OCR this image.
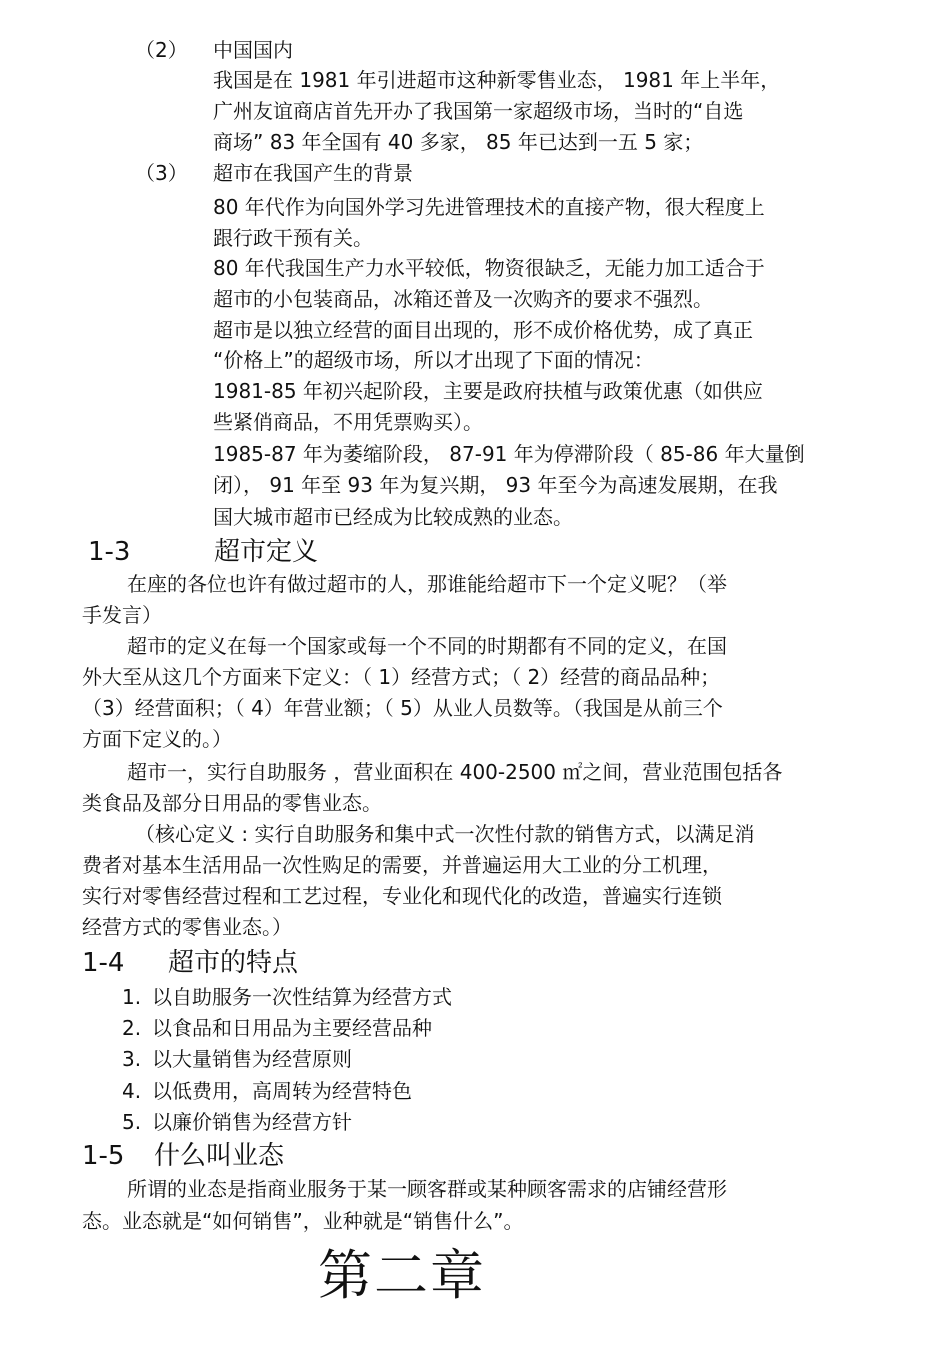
（2） 中国国内
我国是在 1981 年引进超市这种新零售业态， 1981 年上半年，
广州友谊商店首先开办了我国第一家超级市场，当时的“自选
商场” 83 年全国有 40 多家， 85 年已达到一五 5 家；
（3） 超市在我国产生的背景
80 年代作为向国外学习先进管理技术的直接产物，很大程度上
跟行政干预有关。
80 年代我国生产力水平较低，物资很缺乏，无能力加工适合于
超市的小包装商品，冰箱还普及一次购齐的要求不强烈。
超市是以独立经营的面目出现的，形不成价格优势，成了真正
“价格上”的超级市场，所以才出现了下面的情况：
1981-85 年初兴起阶段，主要是政府扶植与政策优惠（如供应
些紧俏商品，不用凭票购买）。
1985-87 年为萎缩阶段， 87-91 年为停滞阶段（ 85-86 年大量倒
闭）， 91 年至 93 年为复兴期， 93 年至今为高速发展期，在我
国大城市超市已经成为比较成熟的业态。
1-3	超市定义
在座的各位也许有做过超市的人，那谁能给超市下一个定义呢？（举
手发言）
超市的定义在每一个国家或每一个不同的时期都有不同的定义，在国
外大至从这几个方面来下定义：（ 1）经营方式；（ 2）经营的商品品种；
（3）经营面积；（ 4）年营业额；（ 5）从业人员数等。（我国是从前三个
方面下定义的。）
超市一，实行自助服务 ，营业面积在 400-2500 ㎡之间，营业范围包括各
类食品及部分日用品的零售业态。
（核心定义 : 实行自助服务和集中式一次性付款的销售方式，以满足消
费者对基本生活用品一次性购足的需要，并普遍运用大工业的分工机理，
实行对零售经营过程和工艺过程，专业化和现代化的改造，普遍实行连锁
经营方式的零售业态。）
1-4 超市的特点
1. 以自助服务一次性结算为经营方式
2. 以食品和日用品为主要经营品种
3. 以大量销售为经营原则
4. 以低费用，高周转为经营特色
5. 以廉价销售为经营方针
1-5 什么叫业态
所谓的业态是指商业服务于某一顾客群或某种顾客需求的店铺经营形
态。业态就是“如何销售”，业种就是“销售什么”。
第二章
